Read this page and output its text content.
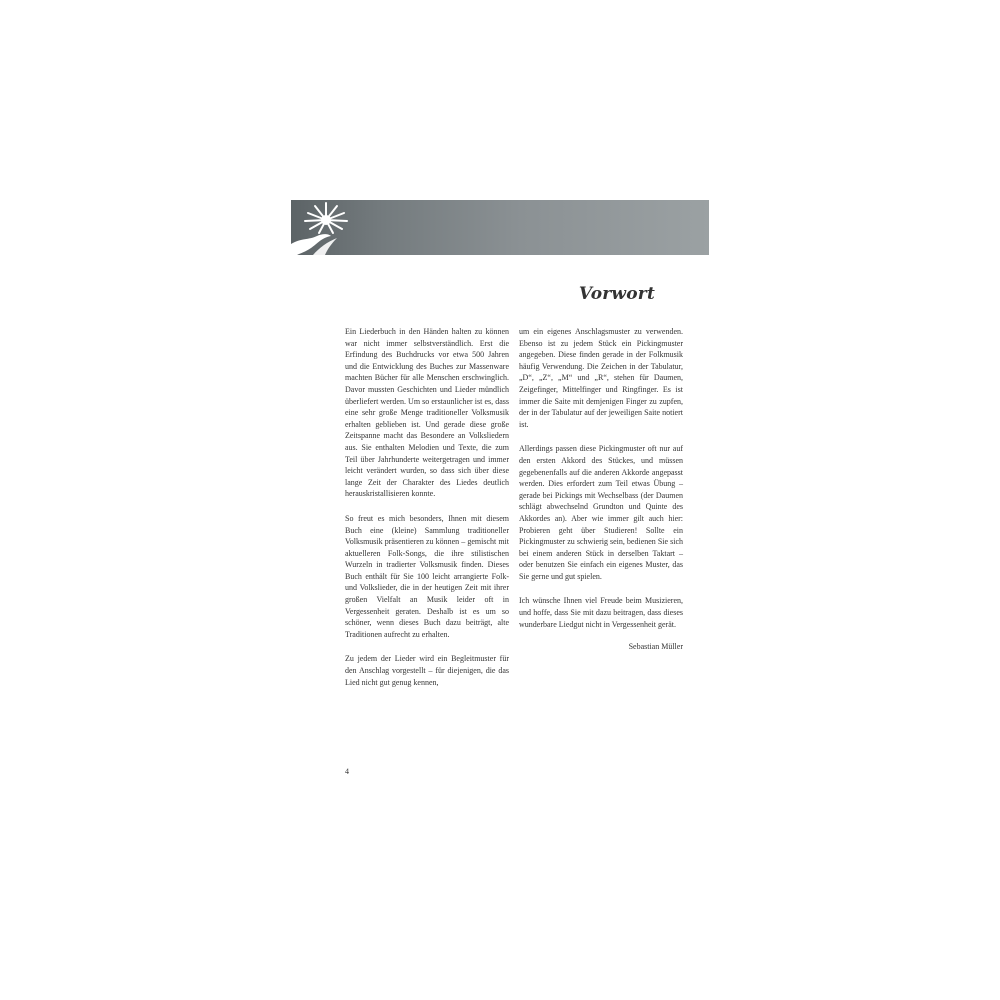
Vorwort

Ein Liederbuch in den Händen halten zu können war nicht immer selbstverständlich. Erst die Erfindung des Buchdrucks vor etwa 500 Jahren und die Entwicklung des Buches zur Massenware machten Bücher für alle Menschen erschwinglich. Davor mussten Geschichten und Lieder mündlich überliefert werden. Um so erstaunlicher ist es, dass eine sehr große Menge traditioneller Volksmusik erhalten geblieben ist. Und gerade diese große Zeitspanne macht das Besondere an Volksliedern aus. Sie enthalten Melodien und Texte, die zum Teil über Jahrhunderte weitergetragen und immer leicht verändert wurden, so dass sich über diese lange Zeit der Charakter des Liedes deutlich herauskristallisieren konnte.

So freut es mich besonders, Ihnen mit diesem Buch eine (kleine) Sammlung traditioneller Volksmusik präsentieren zu können – gemischt mit aktuelleren Folk-Songs, die ihre stilistischen Wurzeln in tradierter Volksmusik finden. Dieses Buch enthält für Sie 100 leicht arrangierte Folk- und Volkslieder, die in der heutigen Zeit mit ihrer großen Vielfalt an Musik leider oft in Vergessenheit geraten. Deshalb ist es um so schöner, wenn dieses Buch dazu beiträgt, alte Traditionen aufrecht zu erhalten.

Zu jedem der Lieder wird ein Begleitmuster für den Anschlag vorgestellt – für diejenigen, die das Lied nicht gut genug kennen,

um ein eigenes Anschlagsmuster zu verwenden. Ebenso ist zu jedem Stück ein Pickingmuster angegeben. Diese finden gerade in der Folkmusik häufig Verwendung. Die Zeichen in der Tabulatur, „D“, „Z“, „M“ und „R“, stehen für Daumen, Zeigefinger, Mittelfinger und Ringfinger. Es ist immer die Saite mit demjenigen Finger zu zupfen, der in der Tabulatur auf der jeweiligen Saite notiert ist.

Allerdings passen diese Pickingmuster oft nur auf den ersten Akkord des Stückes, und müssen gegebenenfalls auf die anderen Akkorde angepasst werden. Dies erfordert zum Teil etwas Übung – gerade bei Pickings mit Wechselbass (der Daumen schlägt abwechselnd Grundton und Quinte des Akkordes an). Aber wie immer gilt auch hier: Probieren geht über Studieren! Sollte ein Pickingmuster zu schwierig sein, bedienen Sie sich bei einem anderen Stück in derselben Taktart – oder benutzen Sie einfach ein eigenes Muster, das Sie gerne und gut spielen.

Ich wünsche Ihnen viel Freude beim Musizieren, und hoffe, dass Sie mit dazu beitragen, dass dieses wunderbare Liedgut nicht in Vergessenheit gerät.

Sebastian Müller

4
